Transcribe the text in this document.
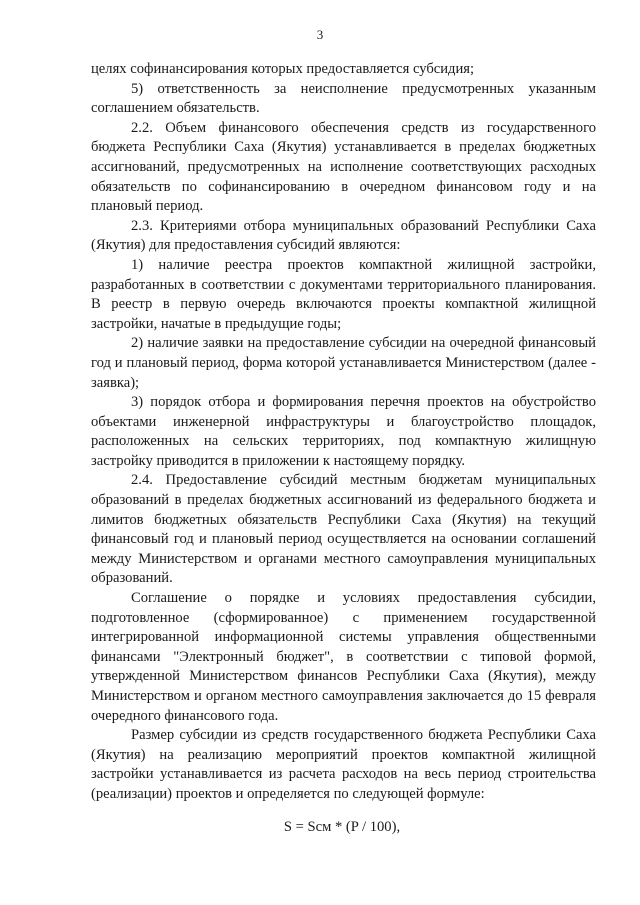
3

целях софинансирования которых предоставляется субсидия;

5) ответственность за неисполнение предусмотренных указанным соглашением обязательств.

2.2. Объем финансового обеспечения средств из государственного бюджета Республики Саха (Якутия) устанавливается в пределах бюджетных ассигнований, предусмотренных на исполнение соответствующих расходных обязательств по софинансированию в очередном финансовом году и на плановый период.

2.3. Критериями отбора муниципальных образований Республики Саха (Якутия) для предоставления субсидий являются:

1) наличие реестра проектов компактной жилищной застройки, разработанных в соответствии с документами территориального планирования. В реестр в первую очередь включаются проекты компактной жилищной застройки, начатые в предыдущие годы;

2) наличие заявки на предоставление субсидии на очередной финансовый год и плановый период, форма которой устанавливается Министерством (далее - заявка);

3) порядок отбора и формирования перечня проектов на обустройство объектами инженерной инфраструктуры и благоустройство площадок, расположенных на сельских территориях, под компактную жилищную застройку приводится в приложении к настоящему порядку.

2.4. Предоставление субсидий местным бюджетам муниципальных образований в пределах бюджетных ассигнований из федерального бюджета и лимитов бюджетных обязательств Республики Саха (Якутия) на текущий финансовый год и плановый период осуществляется на основании соглашений между Министерством и органами местного самоуправления муниципальных образований.

Соглашение о порядке и условиях предоставления субсидии, подготовленное (сформированное) с применением государственной интегрированной информационной системы управления общественными финансами "Электронный бюджет", в соответствии с типовой формой, утвержденной Министерством финансов Республики Саха (Якутия), между Министерством и органом местного самоуправления заключается до 15 февраля очередного финансового года.

Размер субсидии из средств государственного бюджета Республики Саха (Якутия) на реализацию мероприятий проектов компактной жилищной застройки устанавливается из расчета расходов на весь период строительства (реализации) проектов и определяется по следующей формуле:

S = Sсм * (P / 100),
